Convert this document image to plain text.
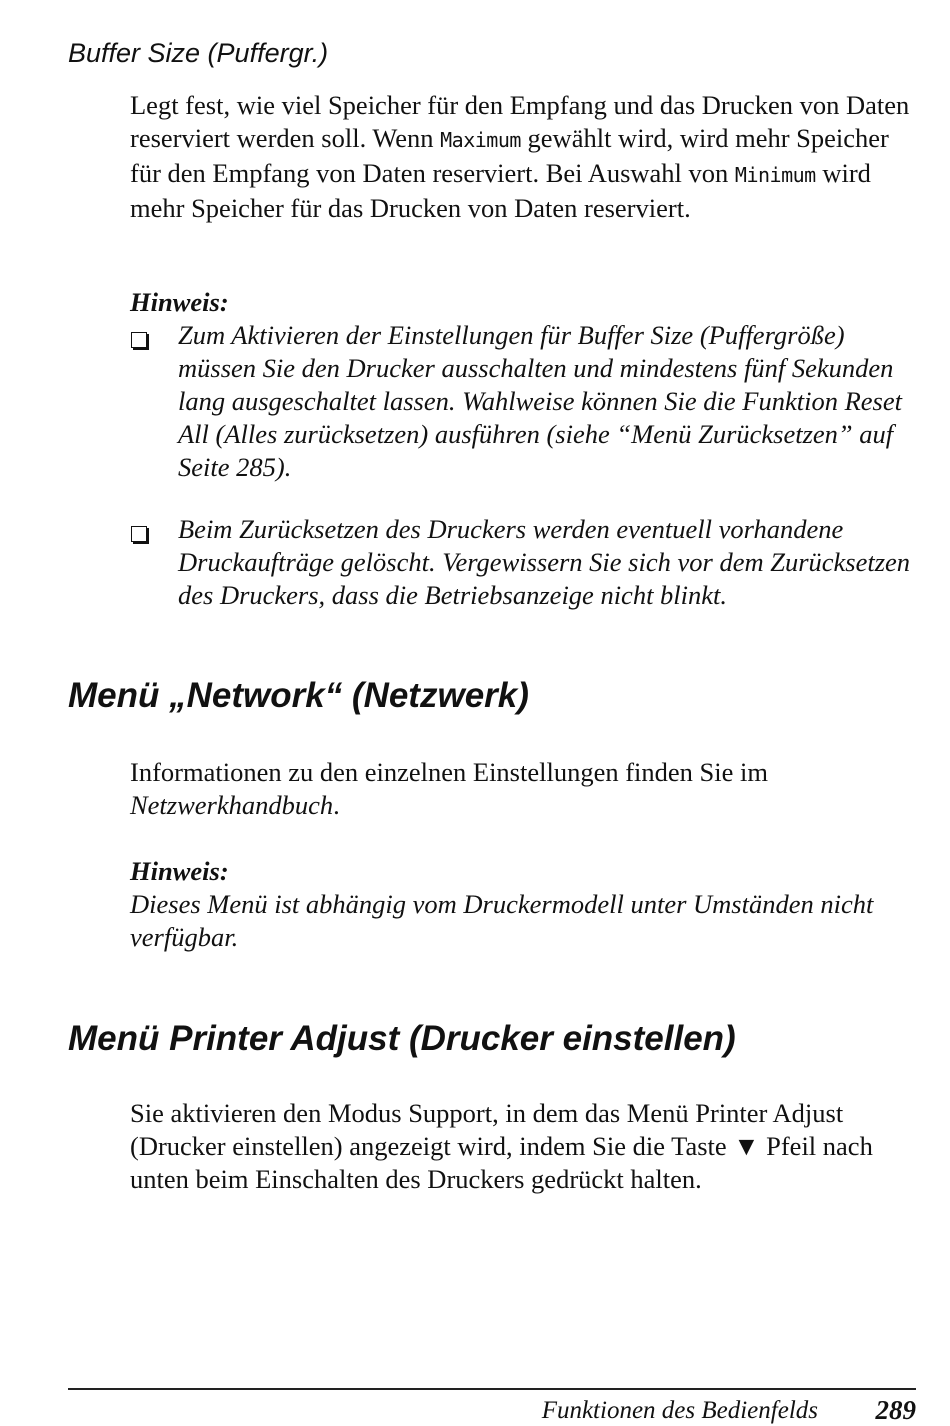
Buffer Size (Puffergr.)
Legt fest, wie viel Speicher für den Empfang und das Drucken von Daten reserviert werden soll. Wenn Maximum gewählt wird, wird mehr Speicher für den Empfang von Daten reserviert. Bei Auswahl von Minimum wird mehr Speicher für das Drucken von Daten reserviert.
Hinweis:
Zum Aktivieren der Einstellungen für Buffer Size (Puffergröße) müssen Sie den Drucker ausschalten und mindestens fünf Sekunden lang ausgeschaltet lassen. Wahlweise können Sie die Funktion Reset All (Alles zurücksetzen) ausführen (siehe “Menü Zurücksetzen” auf Seite 285).
Beim Zurücksetzen des Druckers werden eventuell vorhandene Druckaufträge gelöscht. Vergewissern Sie sich vor dem Zurücksetzen des Druckers, dass die Betriebsanzeige nicht blinkt.
Menü „Network“ (Netzwerk)
Informationen zu den einzelnen Einstellungen finden Sie im
Netzwerkhandbuch.
Hinweis:
Dieses Menü ist abhängig vom Druckermodell unter Umständen nicht verfügbar.
Menü Printer Adjust (Drucker einstellen)
Sie aktivieren den Modus Support, in dem das Menü Printer Adjust (Drucker einstellen) angezeigt wird, indem Sie die Taste ▼ Pfeil nach unten beim Einschalten des Druckers gedrückt halten.
Funktionen des Bedienfelds 289
